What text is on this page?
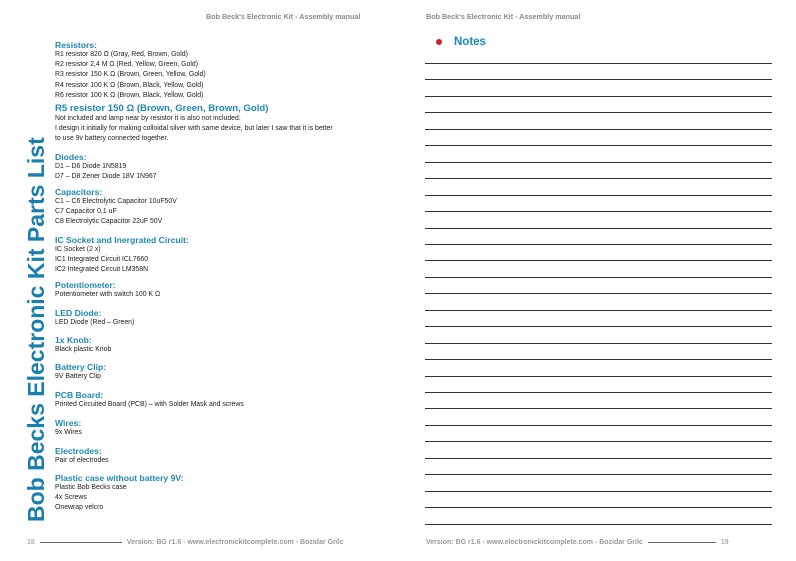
Bob Beck's Electronic Kit - Assembly manual	Bob Beck's Electronic Kit - Assembly manual
Bob Becks Electronic Kit Parts List
Resistors:
R1 resistor 820 Ω (Gray, Red, Brown, Gold)
R2 resistor 2,4 M Ω (Red, Yellow, Green, Gold)
R3 resistor 150 K Ω (Brown, Green, Yellow, Gold)
R4 resistor 100 K Ω (Brown, Black, Yellow, Gold)
R6 resistor 100 K Ω (Brown, Black, Yellow, Gold)
R5 resistor 150 Ω (Brown, Green, Brown, Gold)
Not included and lamp near by resistor it is also not included.
I design it initially for making colloidal silver with same device, but later I saw that it is better
to use 9v battery connected together.
Diodes:
D1 – D6 Diode 1N5819
D7 – D8 Zener Diode 18V 1N967
Capacitors:
C1 – C6 Electrolytic Capacitor 10uF50V
C7 Capacitor 0,1 uF
C8 Electrolytic Capacitor 22uF 50V
IC Socket and Inergrated Circuit:
IC Socket (2 x)
IC1 Integrated Circuit ICL7660
IC2 Integrated Circuit LM358N
Potentiometer:
Potentiometer with switch 100 K Ω
LED Diode:
LED Diode (Red – Green)
1x Knob:
Black plastic Knob
Battery Clip:
9V Battery Clip
PCB Board:
Printed Circuited Board (PCB) – with Solder Mask and screws
Wires:
9x Wires
Electrodes:
Pair of electrodes
Plastic case without battery 9V:
Plastic Bob Becks case
4x Screws
Onewrap velcro
18	Version: BG r1.6 - www.electronickitcomplete.com - Bozidar Grilc	Version: BG r1.6 - www.electronickitcomplete.com - Bozidar Grilc	19
Notes
